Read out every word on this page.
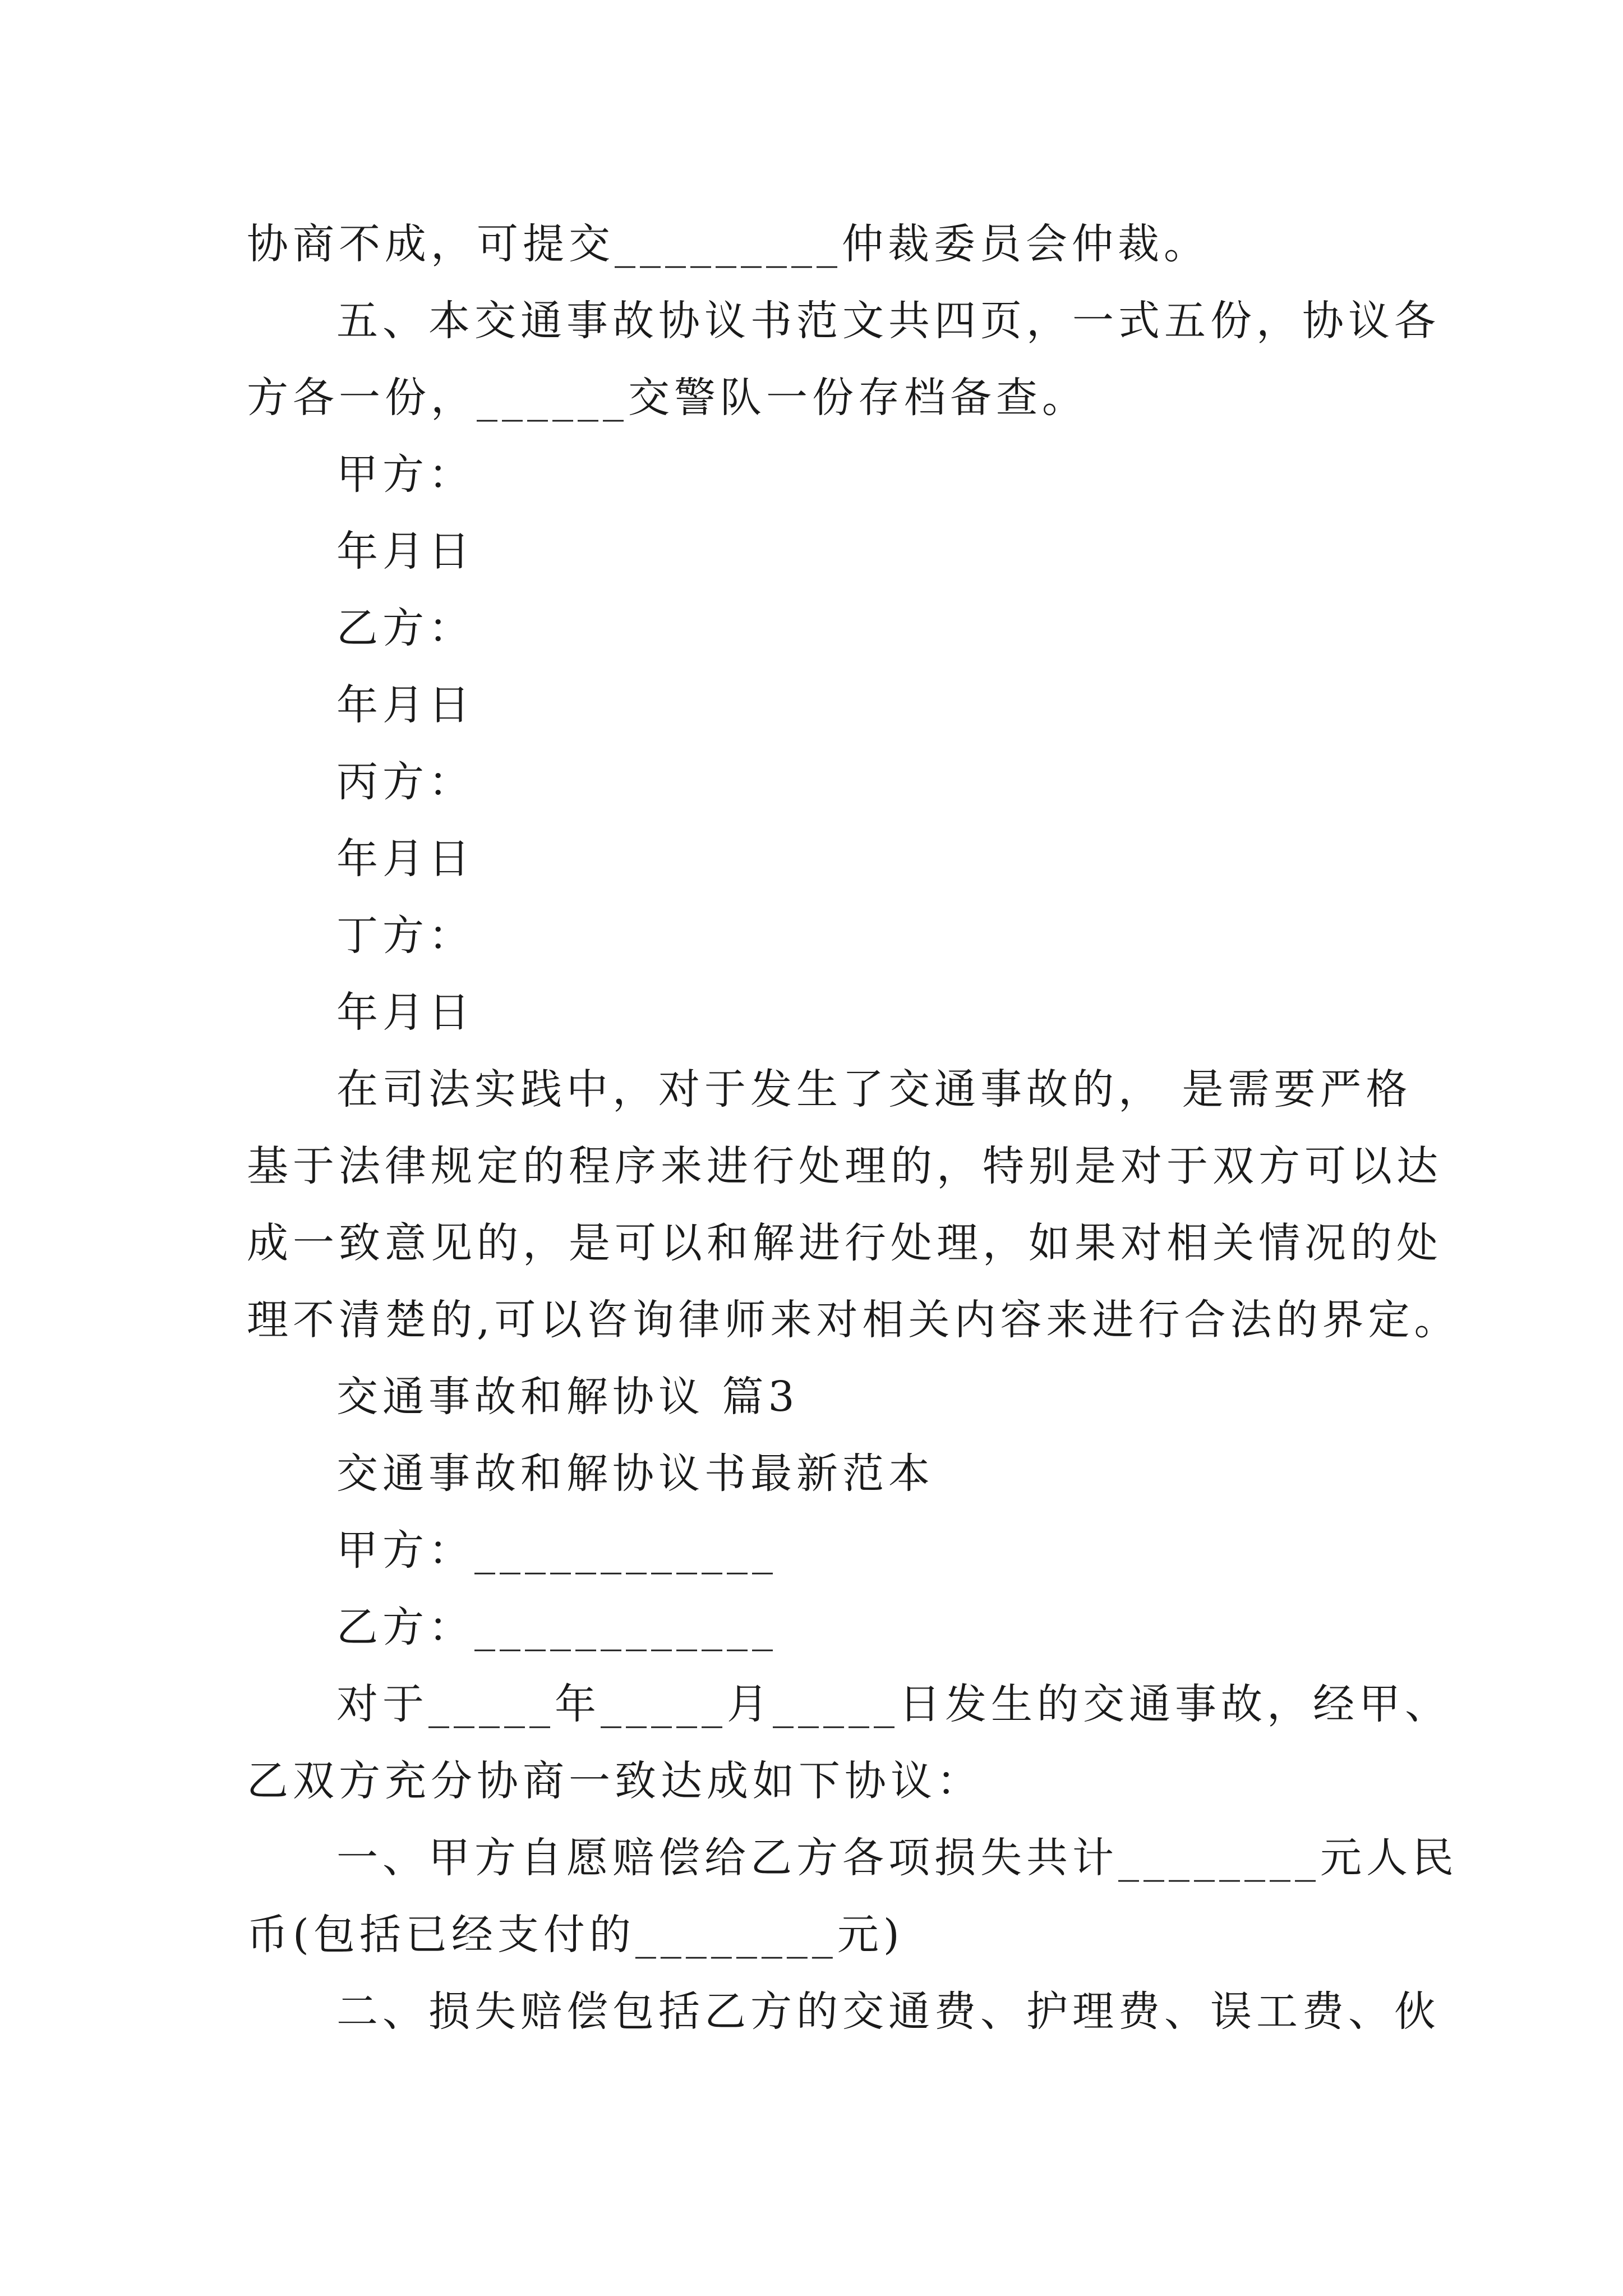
协商不成，可提交_________仲裁委员会仲裁。
五、本交通事故协议书范文共四页，一式五份，协议各
方各一份，______交警队一份存档备查。
甲方：
年月日
乙方：
年月日
丙方：
年月日
丁方：
年月日
在司法实践中，对于发生了交通事故的， 是需要严格
基于法律规定的程序来进行处理的，特别是对于双方可以达
成一致意见的，是可以和解进行处理，如果对相关情况的处
理不清楚的,可以咨询律师来对相关内容来进行合法的界定。
交通事故和解协议 篇3
交通事故和解协议书最新范本
甲方：____________
乙方：____________
对于_____年_____月_____日发生的交通事故，经甲、
乙双方充分协商一致达成如下协议：
一、甲方自愿赔偿给乙方各项损失共计________元人民
币(包括已经支付的________元)
二、损失赔偿包括乙方的交通费、护理费、误工费、伙
